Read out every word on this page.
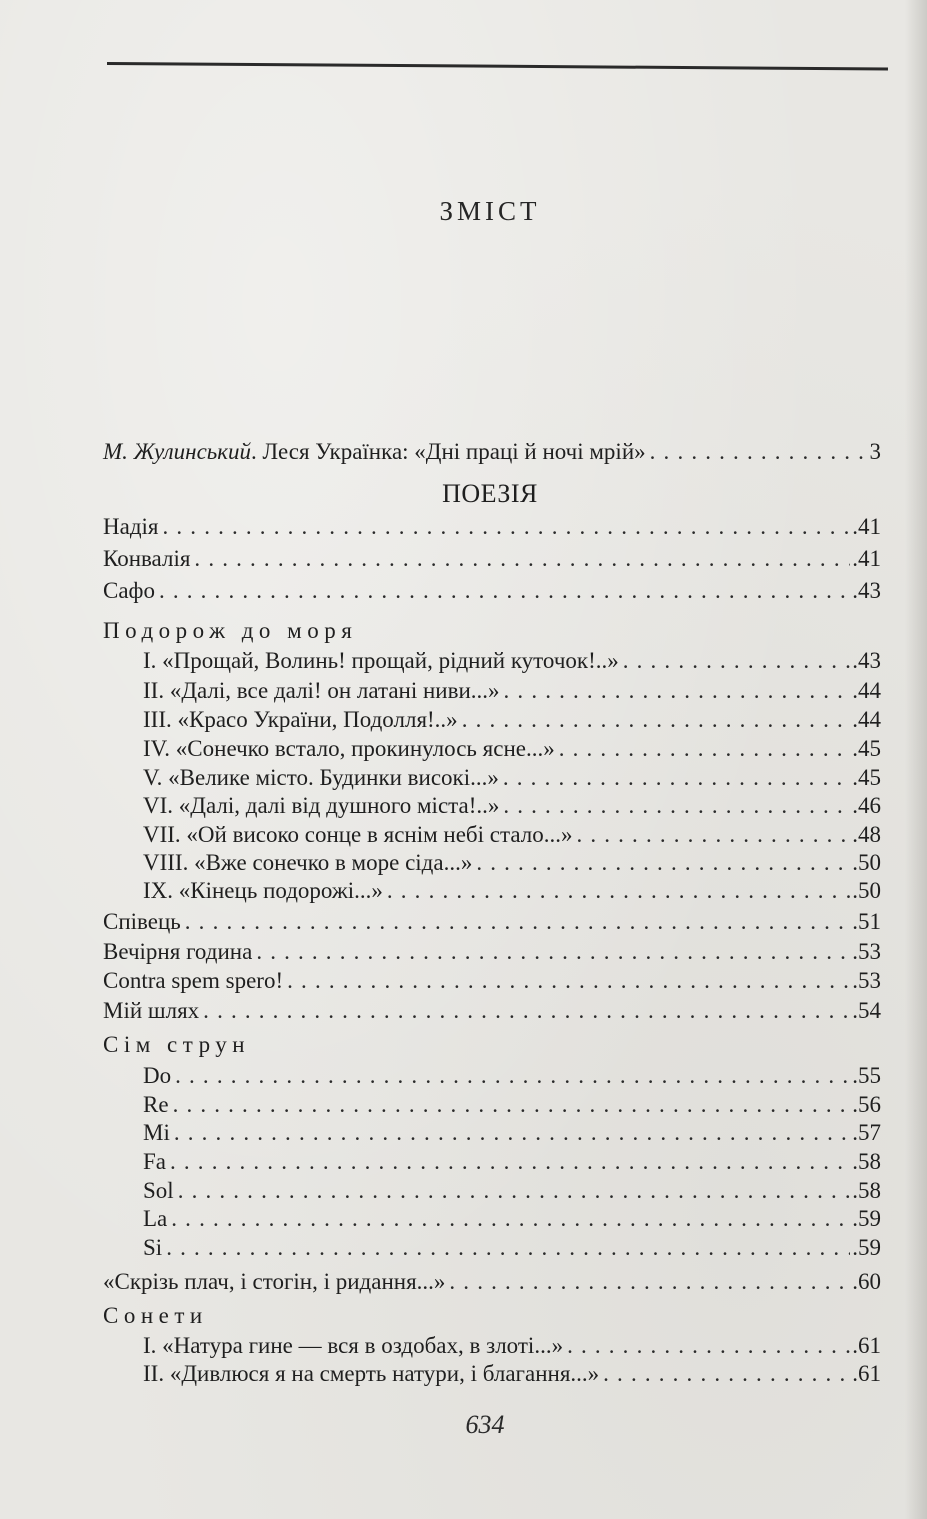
ЗМІСТ
М. Жулинський. Леся Українка: «Дні праці й ночі мрій» . . .	3
ПОЕЗІЯ
Надія . . .	.41
Конвалія . . .	.41
Сафо . . .	.43
Подорож до моря
I. «Прощай, Волинь! прощай, рідний куточок!..» . . .	.43
II. «Далі, все далі! он латані ниви...» . . .	.44
III. «Красо України, Подолля!..» . . .	.44
IV. «Сонечко встало, прокинулось ясне...» . . .	.45
V. «Велике місто. Будинки високі...» . . .	.45
VI. «Далі, далі від душного міста!..» . . .	.46
VII. «Ой високо сонце в яснім небі стало...» . . .	.48
VIII. «Вже сонечко в море сіда...» . . .	.50
IX. «Кінець подорожі...» . . .	.50
Співець . . .	.51
Вечірня година . . .	.53
Contra spem spero! . . .	.53
Мій шлях . . .	.54
Сім струн
Do . . .	.55
Re . . .	.56
Mi . . .	.57
Fa . . .	.58
Sol . . .	.58
La . . .	.59
Si . . .	.59
«Скрізь плач, і стогін, і ридання...» . . .	.60
Сонети
I. «Натура гине — вся в оздобах, в злоті...» . . .	.61
II. «Дивлюся я на смерть натури, і благання...» . . .	.61
634
